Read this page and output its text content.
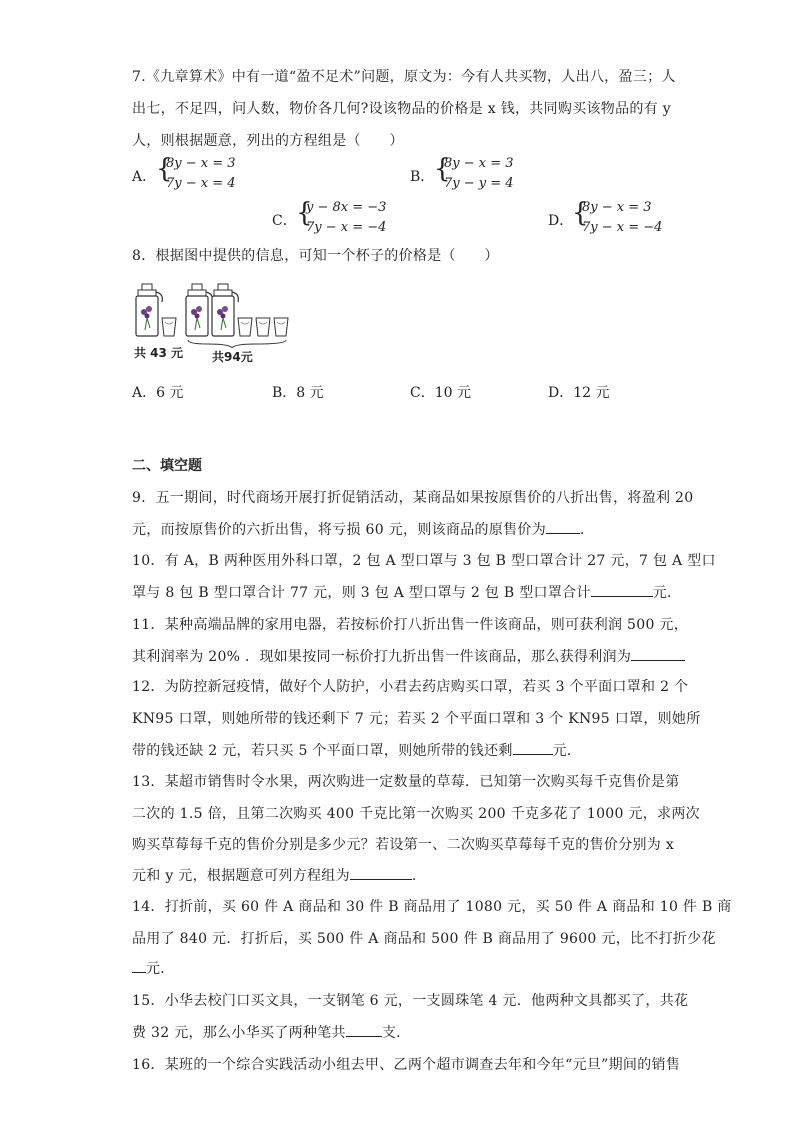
7.《九章算术》中有一道“盈不足术”问题，原文为：今有人共买物，人出八，盈三；人
出七，不足四，问人数，物价各几何?设该物品的价格是 x 钱，共同购买该物品的有 y
人，则根据题意，列出的方程组是（　　）
A． {
8y − x = 3
7y − x = 4	B． {
8y − x = 3
7y − y = 4
C． {
y − 8x = −3
7y − x = −4	D．
{
8y − x = 3
7y − x = −4
8．根据图中提供的信息，可知一个杯子的价格是（　　）
共 43 元 共94元
A．6 元	B．8 元	C．10 元	D．12 元
二、填空题
9．五一期间，时代商场开展打折促销活动，某商品如果按原售价的八折出售，将盈利 20
元，而按原售价的六折出售，将亏损 60 元，则该商品的原售价为 ．
10．有 A，B 两种医用外科口罩，2 包 A 型口罩与 3 包 B 型口罩合计 27 元，7 包 A 型口
罩与 8 包 B 型口罩合计 77 元，则 3 包 A 型口罩与 2 包 B 型口罩合计	元．
11．某种高端品牌的家用电器，若按标价打八折出售一件该商品，则可获利润 500 元，
其利润率为 20% ．现如果按同一标价打九折出售一件该商品，那么获得利润为
12．为防控新冠疫情，做好个人防护，小君去药店购买口罩，若买 3 个平面口罩和 2 个
KN95 口罩，则她所带的钱还剩下 7 元；若买 2 个平面口罩和 3 个 KN95 口罩，则她所
带的钱还缺 2 元，若只买 5 个平面口罩，则她所带的钱还剩	元．
13．某超市销售时令水果，两次购进一定数量的草莓．已知第一次购买每千克售价是第
二次的 1.5 倍，且第二次购买 400 千克比第一次购买 200 千克多花了 1000 元，求两次
购买草莓每千克的售价分别是多少元？若设第一、二次购买草莓每千克的售价分别为 x
元和 y 元，根据题意可列方程组为	．
14．打折前，买 60 件 A 商品和 30 件 B 商品用了 1080 元，买 50 件 A 商品和 10 件 B 商
品用了 840 元．打折后，买 500 件 A 商品和 500 件 B 商品用了 9600 元，比不打折少花
元．
15．小华去校门口买文具，一支钢笔 6 元，一支圆珠笔 4 元．他两种文具都买了，共花
费 32 元，那么小华买了两种笔共	支．
16．某班的一个综合实践活动小组去甲、乙两个超市调查去年和今年“元旦”期间的销售
